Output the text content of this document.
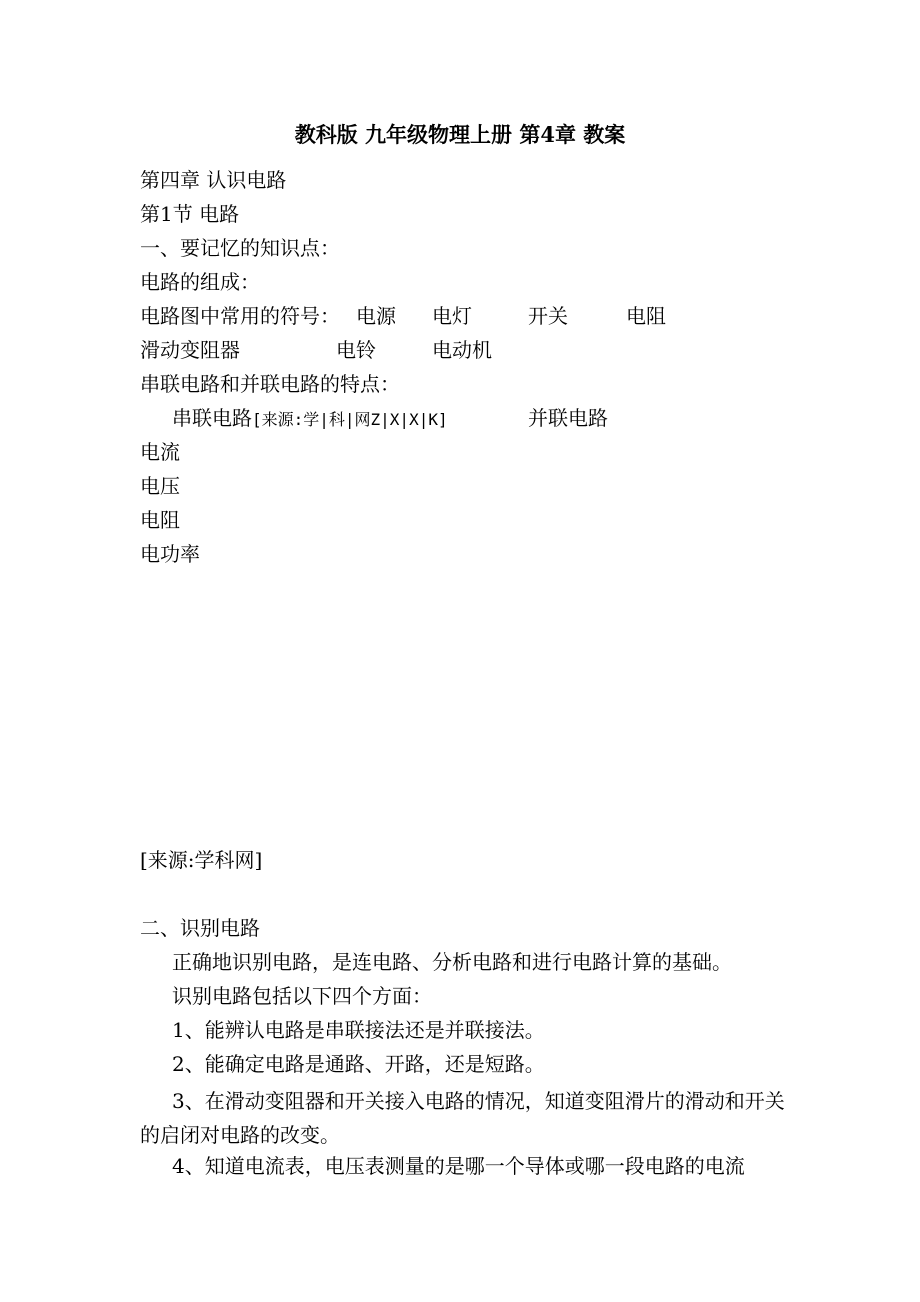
教科版 九年级物理上册 第4章 教案
第四章 认识电路
第1节 电路
一、要记忆的知识点：
电路的组成：
电路图中常用的符号： 电源 电灯	开关	电阻
滑动变阻器	电铃	电动机
串联电路和并联电路的特点：
串联电路[来源:学|科|网Z|X|X|K]	并联电路
电流
电压
电阻
电功率
[来源:学科网]
二、识别电路
正确地识别电路，是连电路、分析电路和进行电路计算的基础。
识别电路包括以下四个方面：
1、能辨认电路是串联接法还是并联接法。
2、能确定电路是通路、开路，还是短路。
3、在滑动变阻器和开关接入电路的情况，知道变阻滑片的滑动和开关的启闭对电路的改变。
4、知道电流表，电压表测量的是哪一个导体或哪一段电路的电流
